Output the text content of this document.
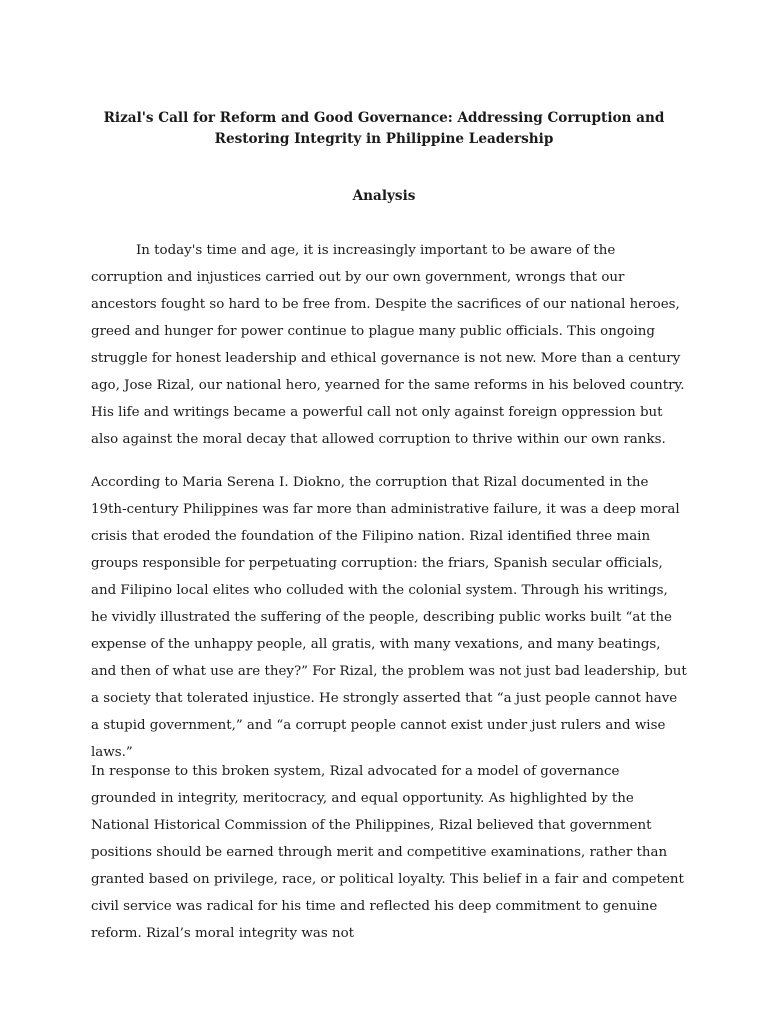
Rizal's Call for Reform and Good Governance: Addressing Corruption and Restoring Integrity in Philippine Leadership
Analysis

In today's time and age, it is increasingly important to be aware of the corruption and injustices carried out by our own government, wrongs that our ancestors fought so hard to be free from. Despite the sacrifices of our national heroes, greed and hunger for power continue to plague many public officials. This ongoing struggle for honest leadership and ethical governance is not new. More than a century ago, Jose Rizal, our national hero, yearned for the same reforms in his beloved country. His life and writings became a powerful call not only against foreign oppression but also against the moral decay that allowed corruption to thrive within our own ranks.

According to Maria Serena I. Diokno, the corruption that Rizal documented in the 19th-century Philippines was far more than administrative failure, it was a deep moral crisis that eroded the foundation of the Filipino nation. Rizal identified three main groups responsible for perpetuating corruption: the friars, Spanish secular officials, and Filipino local elites who colluded with the colonial system. Through his writings, he vividly illustrated the suffering of the people, describing public works built “at the expense of the unhappy people, all gratis, with many vexations, and many beatings, and then of what use are they?” For Rizal, the problem was not just bad leadership, but a society that tolerated injustice. He strongly asserted that “a just people cannot have a stupid government,” and “a corrupt people cannot exist under just rulers and wise laws.”

In response to this broken system, Rizal advocated for a model of governance grounded in integrity, meritocracy, and equal opportunity. As highlighted by the National Historical Commission of the Philippines, Rizal believed that government positions should be earned through merit and competitive examinations, rather than granted based on privilege, race, or political loyalty. This belief in a fair and competent civil service was radical for his time and reflected his deep commitment to genuine reform. Rizal’s moral integrity was not
